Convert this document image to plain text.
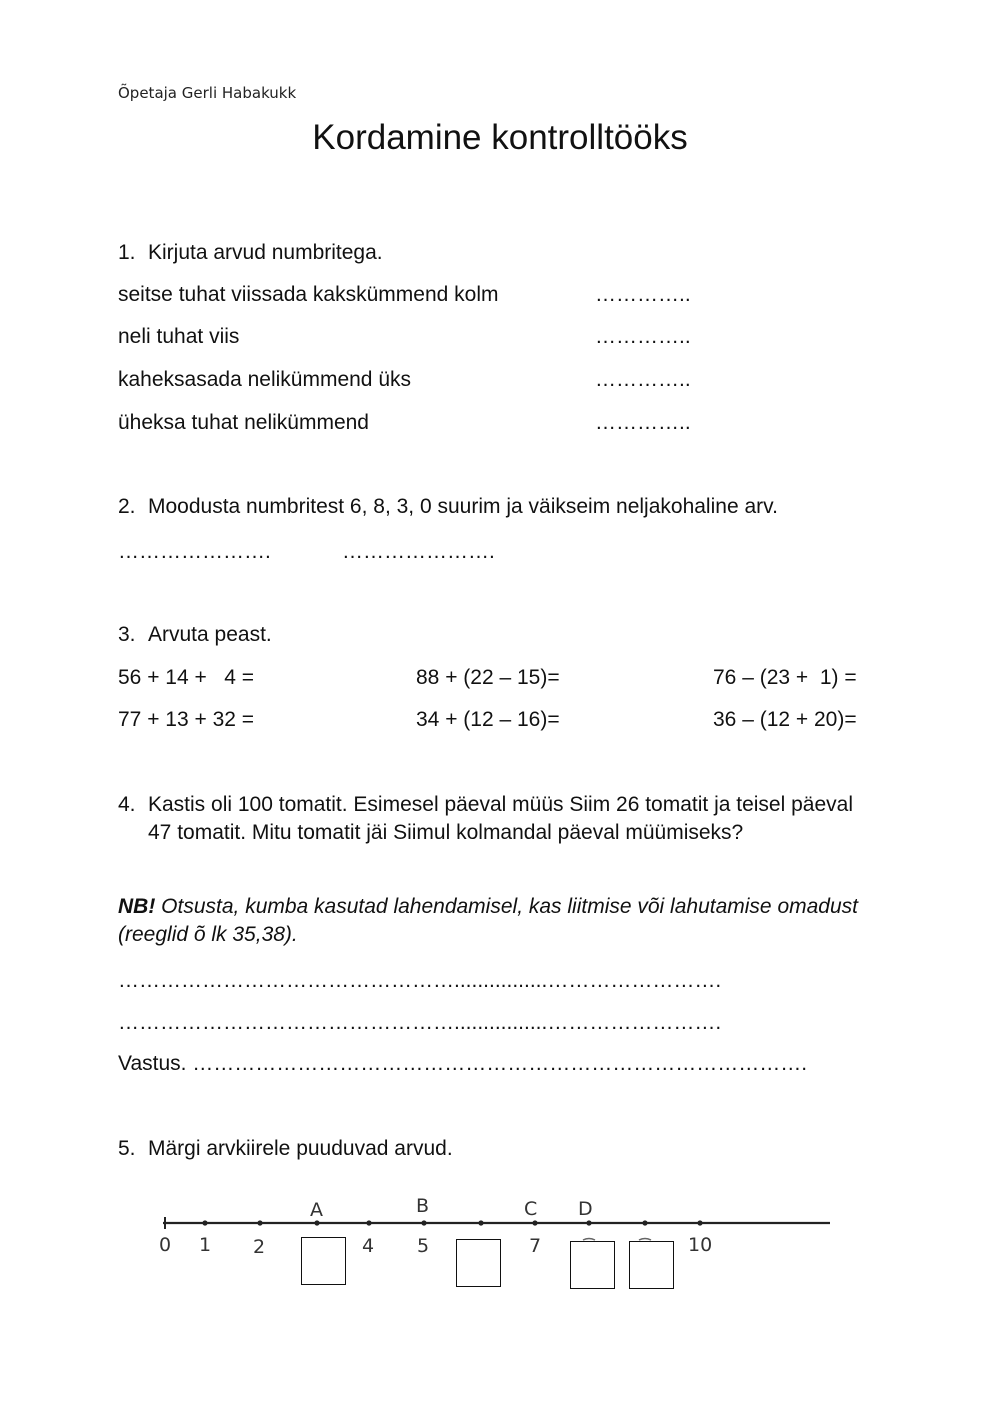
Õpetaja Gerli Habakukk
Kordamine kontrolltööks
1. Kirjuta arvud numbritega.
seitse tuhat viissada kakskümmend kolm	…………..
neli tuhat viis	…………..
kaheksasada nelikümmend üks	…………..
üheksa tuhat nelikümmend	…………..
2. Moodusta numbritest 6, 8, 3, 0 suurim ja väikseim neljakohaline arv.
………………….	………………….
3. Arvuta peast.
56 + 14 +   4 =	88 + (22 – 15)=	76 – (23 +  1) =
77 + 13 + 32 =	34 + (12 – 16)=	36 – (12 + 20)=
4. Kastis oli 100 tomatit. Esimesel päeval müüs Siim 26 tomatit ja teisel päeval 47 tomatit. Mitu tomatit jäi Siimul kolmandal päeval müümiseks?
NB! Otsusta, kumba kasutad lahendamisel, kas liitmise või lahutamise omadust (reeglid õ lk 35,38).
…………………………………………................…………………….
…………………………………………................…………………….
Vastus. …………………………………………………………………………….
5. Märgi arvkiirele puuduvad arvud.
A	B	C D
0 1 2	4 5	7	10
